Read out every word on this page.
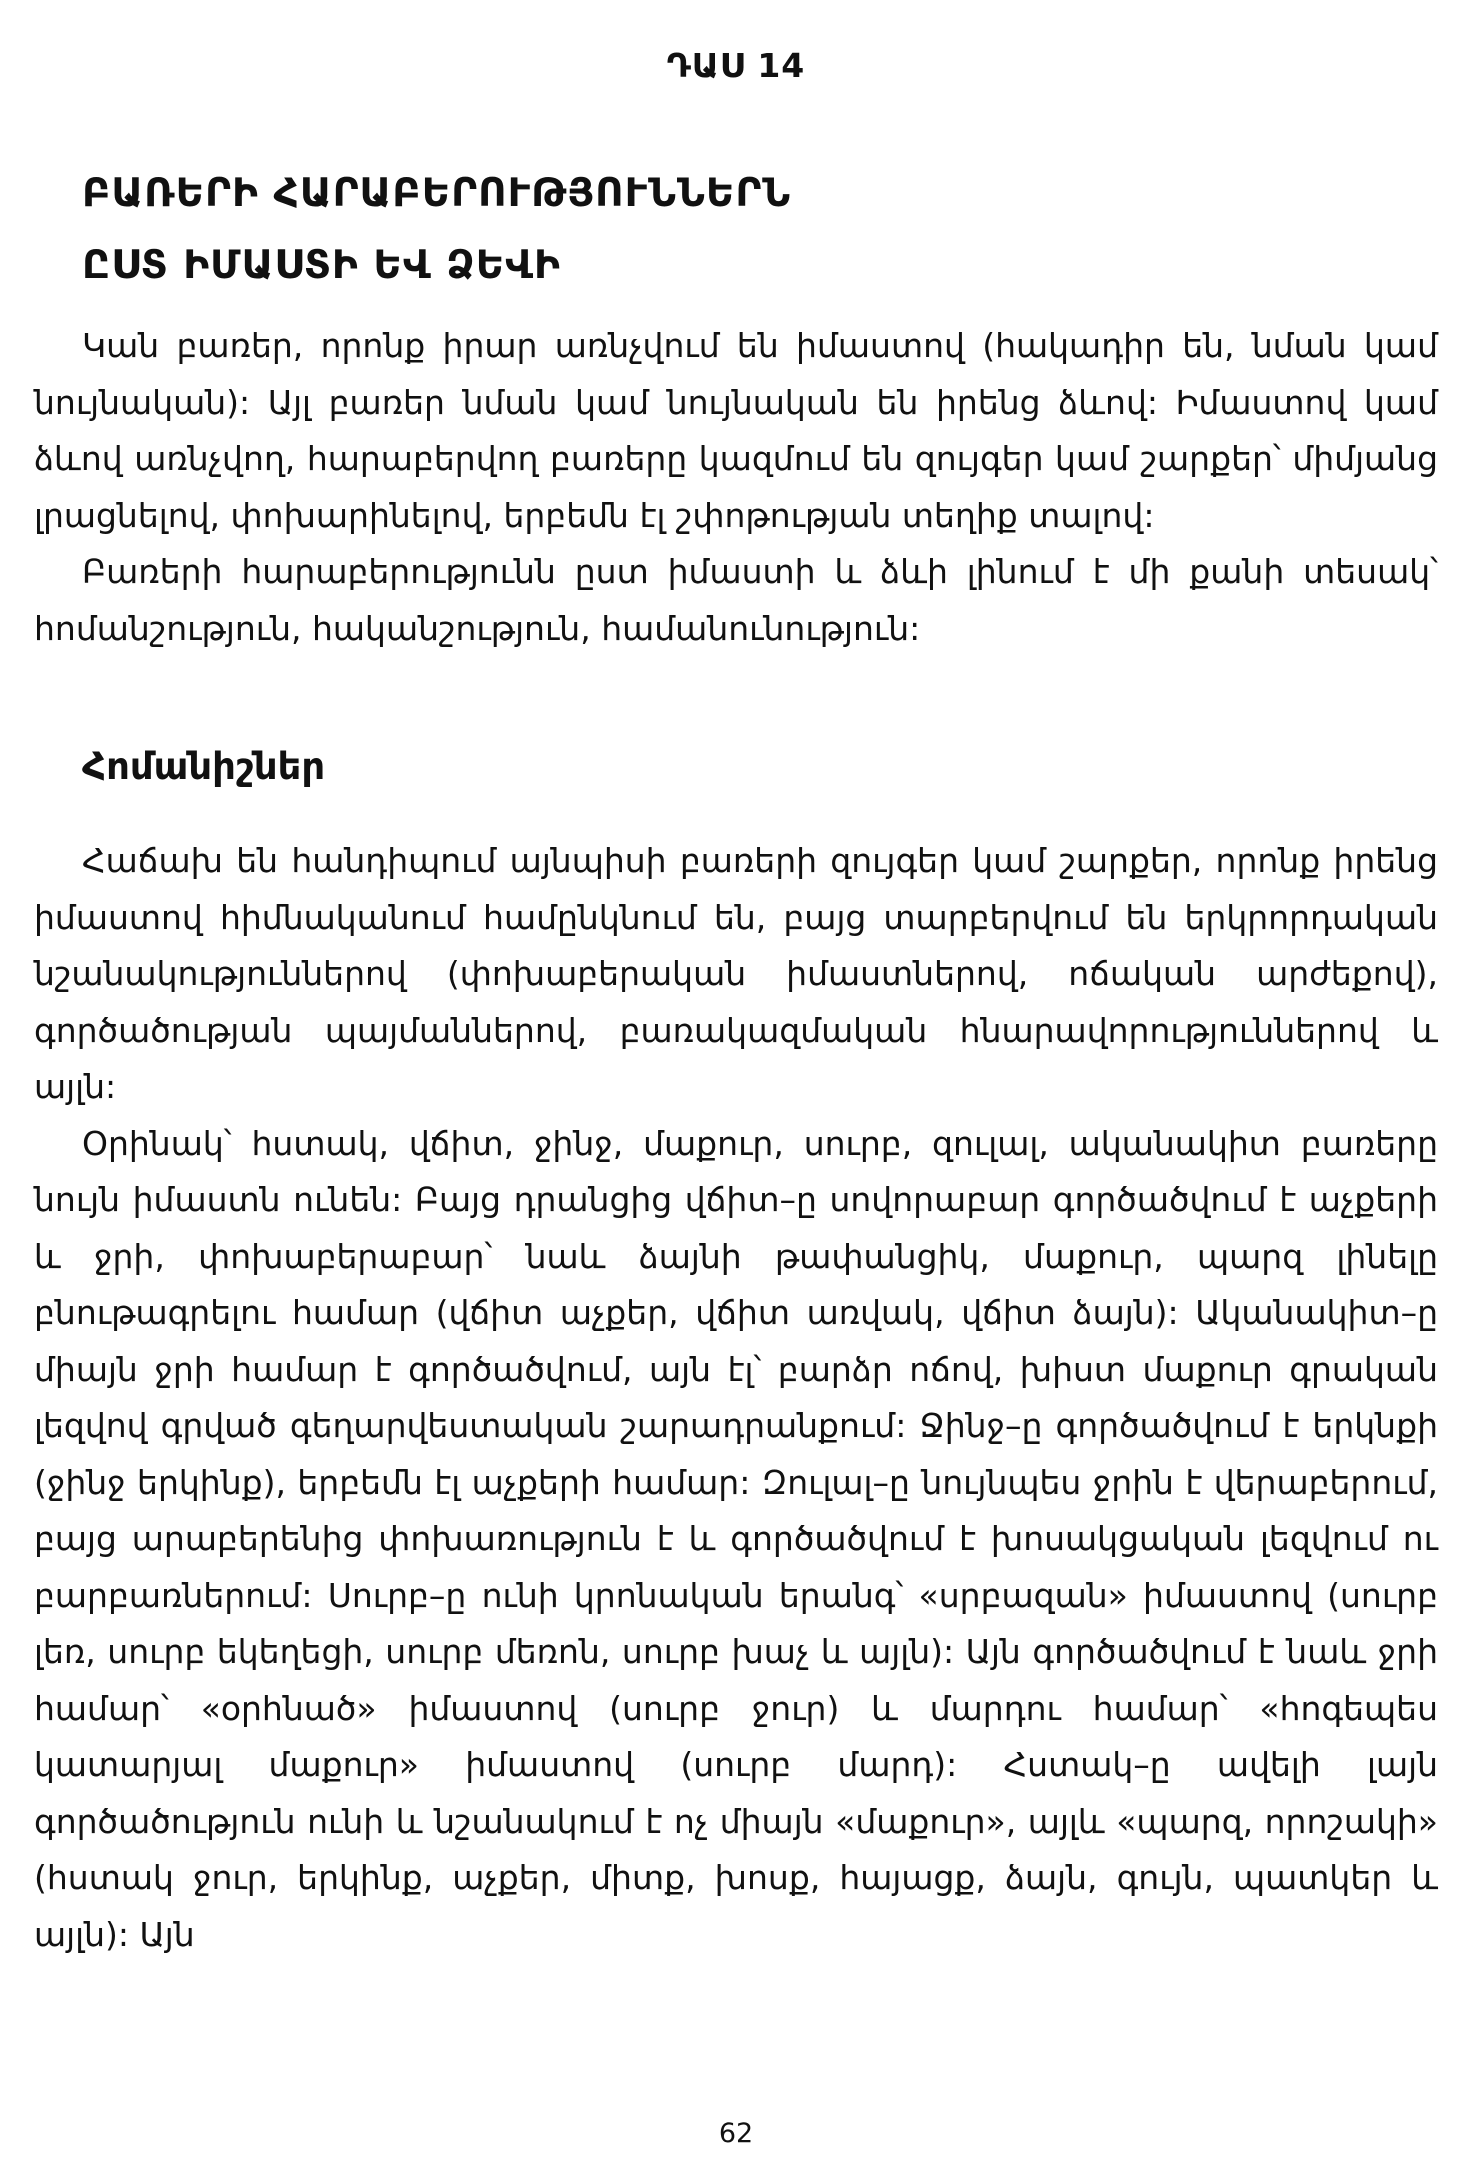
ԴԱՍ 14
ԲԱՌԵՐԻ ՀԱՐԱԲԵՐՈՒԹՅՈՒՆՆԵՐՆ
ԸՍՏ ԻՄԱՍՏԻ ԵՎ ՁԵՎԻ

Կան բառեր, որոնք իրար առնչվում են իմաստով (հակադիր են, նման կամ նույնական): Այլ բառեր նման կամ նույնական են իրենց ձևով: Իմաստով կամ ձևով առնչվող, հարաբերվող բառերը կազմում են զույգեր կամ շարքեր՝ միմյանց լրացնելով, փոխարինելով, երբեմն էլ շփոթության տեղիք տալով:

Բառերի հարաբերությունն ըստ իմաստի և ձևի լինում է մի քանի տեսակ՝ հոմանշություն, հականշություն, համանունություն:

Հոմանիշներ

Հաճախ են հանդիպում այնպիսի բառերի զույգեր կամ շարքեր, որոնք իրենց իմաստով հիմնականում համընկնում են, բայց տարբերվում են երկրորդական նշանակություններով (փոխաբերական իմաստներով, ոճական արժեքով), գործածության պայմաններով, բառակազմական հնարավորություններով և այլն:

Օրինակ՝ հստակ, վճիտ, ջինջ, մաքուր, սուրբ, զուլալ, ականակիտ բառերը նույն իմաստն ունեն: Բայց դրանցից վճիտ–ը սովորաբար գործածվում է աչքերի և ջրի, փոխաբերաբար՝ նաև ձայնի թափանցիկ, մաքուր, պարզ լինելը բնութագրելու համար (վճիտ աչքեր, վճիտ առվակ, վճիտ ձայն): Ականակիտ–ը միայն ջրի համար է գործածվում, այն էլ՝ բարձր ոճով, խիստ մաքուր գրական լեզվով գրված գեղարվեստական շարադրանքում: Ջինջ–ը գործածվում է երկնքի (ջինջ երկինք), երբեմն էլ աչքերի համար: Զուլալ–ը նույնպես ջրին է վերաբերում, բայց արաբերենից փոխառություն է և գործածվում է խոսակցական լեզվում ու բարբառներում: Սուրբ–ը ունի կրոնական երանգ՝ «սրբազան» իմաստով (սուրբ լեռ, սուրբ եկեղեցի, սուրբ մեռոն, սուրբ խաչ և այլն): Այն գործածվում է նաև ջրի համար՝ «օրհնած» իմաստով (սուրբ ջուր) և մարդու համար՝ «հոգեպես կատարյալ մաքուր» իմաստով (սուրբ մարդ): Հստակ–ը ավելի լայն գործածություն ունի և նշանակում է ոչ միայն «մաքուր», այլև «պարզ, որոշակի» (հստակ ջուր, երկինք, աչքեր, միտք, խոսք, հայացք, ձայն, գույն, պատկեր և այլն): Այն

62
